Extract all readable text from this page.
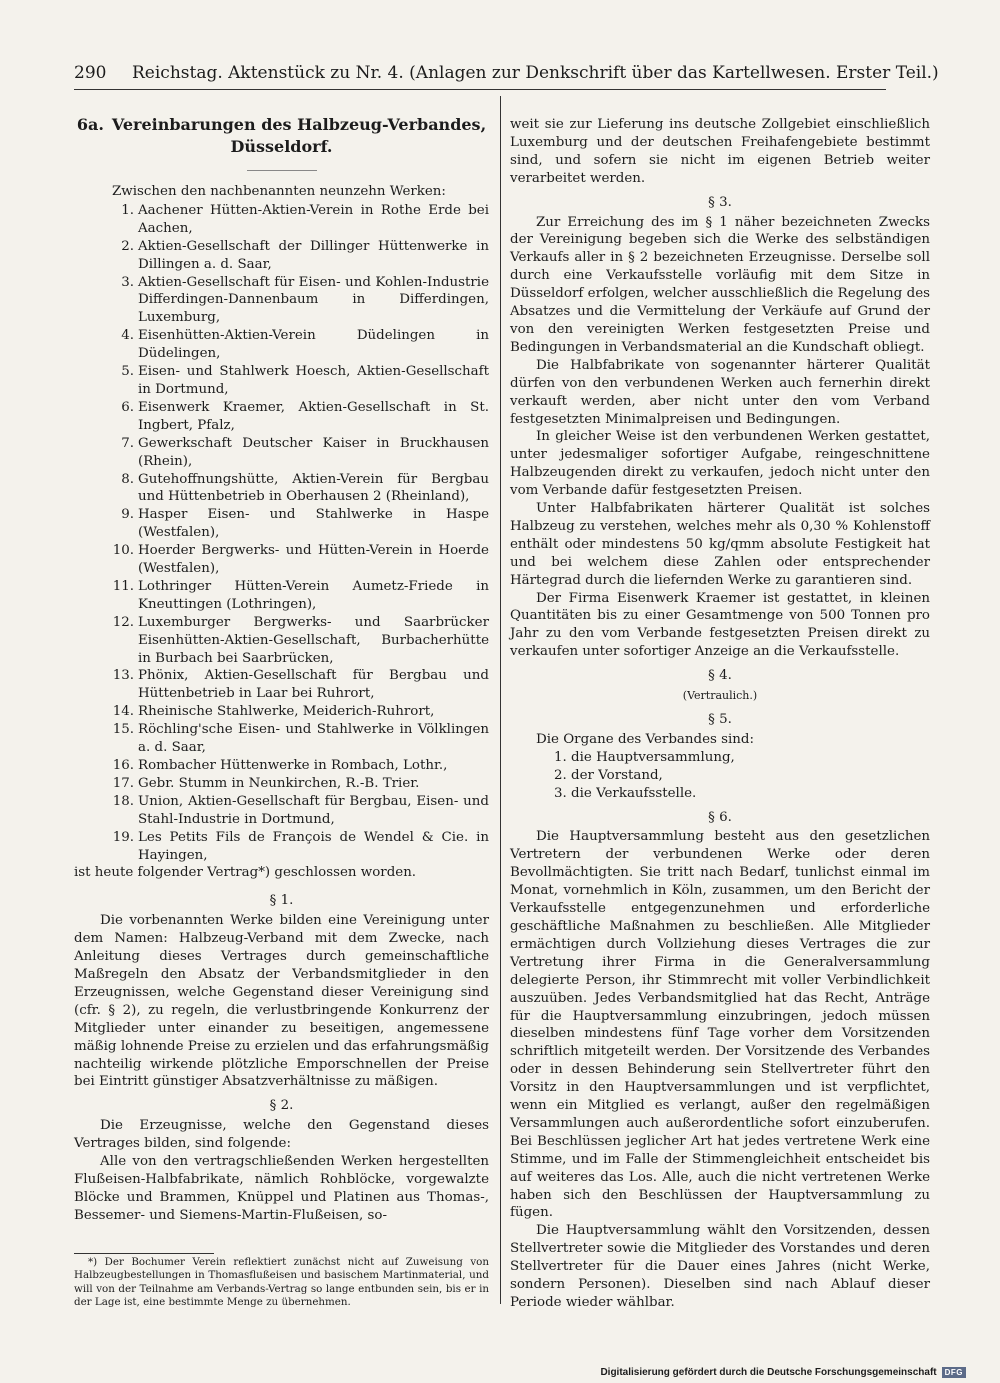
290 Reichstag. Aktenstück zu Nr. 4. (Anlagen zur Denkschrift über das Kartellwesen. Erster Teil.)
6a. Vereinbarungen des Halbzeug-Verbandes,
Düsseldorf.

Zwischen den nachbenannten neunzehn Werken:

1. Aachener Hütten-Aktien-Verein in Rothe Erde bei Aachen,
2. Aktien-Gesellschaft der Dillinger Hüttenwerke in Dillingen a. d. Saar,
3. Aktien-Gesellschaft für Eisen- und Kohlen-Industrie Differdingen-Dannenbaum in Differdingen, Luxemburg,
4. Eisenhütten-Aktien-Verein Düdelingen in Düdelingen,
5. Eisen- und Stahlwerk Hoesch, Aktien-Gesellschaft in Dortmund,
6. Eisenwerk Kraemer, Aktien-Gesellschaft in St. Ingbert, Pfalz,
7. Gewerkschaft Deutscher Kaiser in Bruckhausen (Rhein),
8. Gutehoffnungshütte, Aktien-Verein für Bergbau und Hüttenbetrieb in Oberhausen 2 (Rheinland),
9. Hasper Eisen- und Stahlwerke in Haspe (Westfalen),
10. Hoerder Bergwerks- und Hütten-Verein in Hoerde (Westfalen),
11. Lothringer Hütten-Verein Aumetz-Friede in Kneuttingen (Lothringen),
12. Luxemburger Bergwerks- und Saarbrücker Eisenhütten-Aktien-Gesellschaft, Burbacherhütte in Burbach bei Saarbrücken,
13. Phönix, Aktien-Gesellschaft für Bergbau und Hüttenbetrieb in Laar bei Ruhrort,
14. Rheinische Stahlwerke, Meiderich-Ruhrort,
15. Röchling'sche Eisen- und Stahlwerke in Völklingen a. d. Saar,
16. Rombacher Hüttenwerke in Rombach, Lothr.,
17. Gebr. Stumm in Neunkirchen, R.-B. Trier.
18. Union, Aktien-Gesellschaft für Bergbau, Eisen- und Stahl-Industrie in Dortmund,
19. Les Petits Fils de François de Wendel & Cie. in Hayingen,

ist heute folgender Vertrag*) geschlossen worden.

§ 1.

Die vorbenannten Werke bilden eine Vereinigung unter dem Namen: Halbzeug-Verband mit dem Zwecke, nach Anleitung dieses Vertrages durch gemeinschaftliche Maßregeln den Absatz der Verbandsmitglieder in den Erzeugnissen, welche Gegenstand dieser Vereinigung sind (cfr. § 2), zu regeln, die verlustbringende Konkurrenz der Mitglieder unter einander zu beseitigen, angemessene mäßig lohnende Preise zu erzielen und das erfahrungsmäßig nachteilig wirkende plötzliche Emporschnellen der Preise bei Eintritt günstiger Absatzverhältnisse zu mäßigen.

§ 2.

Die Erzeugnisse, welche den Gegenstand dieses Vertrages bilden, sind folgende:

Alle von den vertragschließenden Werken hergestellten Flußeisen-Halbfabrikate, nämlich Rohblöcke, vorgewalzte Blöcke und Brammen, Knüppel und Platinen aus Thomas-, Bessemer- und Siemens-Martin-Flußeisen, so-

*) Der Bochumer Verein reflektiert zunächst nicht auf Zuweisung von Halbzeugbestellungen in Thomasflußeisen und basischem Martinmaterial, und will von der Teilnahme am Verbands-Vertrag so lange entbunden sein, bis er in der Lage ist, eine bestimmte Menge zu übernehmen.

weit sie zur Lieferung ins deutsche Zollgebiet einschließlich Luxemburg und der deutschen Freihafengebiete bestimmt sind, und sofern sie nicht im eigenen Betrieb weiter verarbeitet werden.

§ 3.

Zur Erreichung des im § 1 näher bezeichneten Zwecks der Vereinigung begeben sich die Werke des selbständigen Verkaufs aller in § 2 bezeichneten Erzeugnisse. Derselbe soll durch eine Verkaufsstelle vorläufig mit dem Sitze in Düsseldorf erfolgen, welcher ausschließlich die Regelung des Absatzes und die Vermittelung der Verkäufe auf Grund der von den vereinigten Werken festgesetzten Preise und Bedingungen in Verbandsmaterial an die Kundschaft obliegt.

Die Halbfabrikate von sogenannter härterer Qualität dürfen von den verbundenen Werken auch fernerhin direkt verkauft werden, aber nicht unter den vom Verband festgesetzten Minimalpreisen und Bedingungen.

In gleicher Weise ist den verbundenen Werken gestattet, unter jedesmaliger sofortiger Aufgabe, reingeschnittene Halbzeugenden direkt zu verkaufen, jedoch nicht unter den vom Verbande dafür festgesetzten Preisen.

Unter Halbfabrikaten härterer Qualität ist solches Halbzeug zu verstehen, welches mehr als 0,30 % Kohlenstoff enthält oder mindestens 50 kg/qmm absolute Festigkeit hat und bei welchem diese Zahlen oder entsprechender Härtegrad durch die liefernden Werke zu garantieren sind.

Der Firma Eisenwerk Kraemer ist gestattet, in kleinen Quantitäten bis zu einer Gesamtmenge von 500 Tonnen pro Jahr zu den vom Verbande festgesetzten Preisen direkt zu verkaufen unter sofortiger Anzeige an die Verkaufsstelle.

§ 4.
(Vertraulich.)
§ 5.

Die Organe des Verbandes sind:

1. die Hauptversammlung,
2. der Vorstand,
3. die Verkaufsstelle.
§ 6.

Die Hauptversammlung besteht aus den gesetzlichen Vertretern der verbundenen Werke oder deren Bevollmächtigten. Sie tritt nach Bedarf, tunlichst einmal im Monat, vornehmlich in Köln, zusammen, um den Bericht der Verkaufsstelle entgegenzunehmen und erforderliche geschäftliche Maßnahmen zu beschließen. Alle Mitglieder ermächtigen durch Vollziehung dieses Vertrages die zur Vertretung ihrer Firma in die Generalversammlung delegierte Person, ihr Stimmrecht mit voller Verbindlichkeit auszuüben. Jedes Verbandsmitglied hat das Recht, Anträge für die Hauptversammlung einzubringen, jedoch müssen dieselben mindestens fünf Tage vorher dem Vorsitzenden schriftlich mitgeteilt werden. Der Vorsitzende des Verbandes oder in dessen Behinderung sein Stellvertreter führt den Vorsitz in den Hauptversammlungen und ist verpflichtet, wenn ein Mitglied es verlangt, außer den regelmäßigen Versammlungen auch außerordentliche sofort einzuberufen. Bei Beschlüssen jeglicher Art hat jedes vertretene Werk eine Stimme, und im Falle der Stimmengleichheit entscheidet bis auf weiteres das Los. Alle, auch die nicht vertretenen Werke haben sich den Beschlüssen der Hauptversammlung zu fügen.

Die Hauptversammlung wählt den Vorsitzenden, dessen Stellvertreter sowie die Mitglieder des Vorstandes und deren Stellvertreter für die Dauer eines Jahres (nicht Werke, sondern Personen). Dieselben sind nach Ablauf dieser Periode wieder wählbar.

Digitalisierung gefördert durch die Deutsche Forschungsgemeinschaft	DFG
